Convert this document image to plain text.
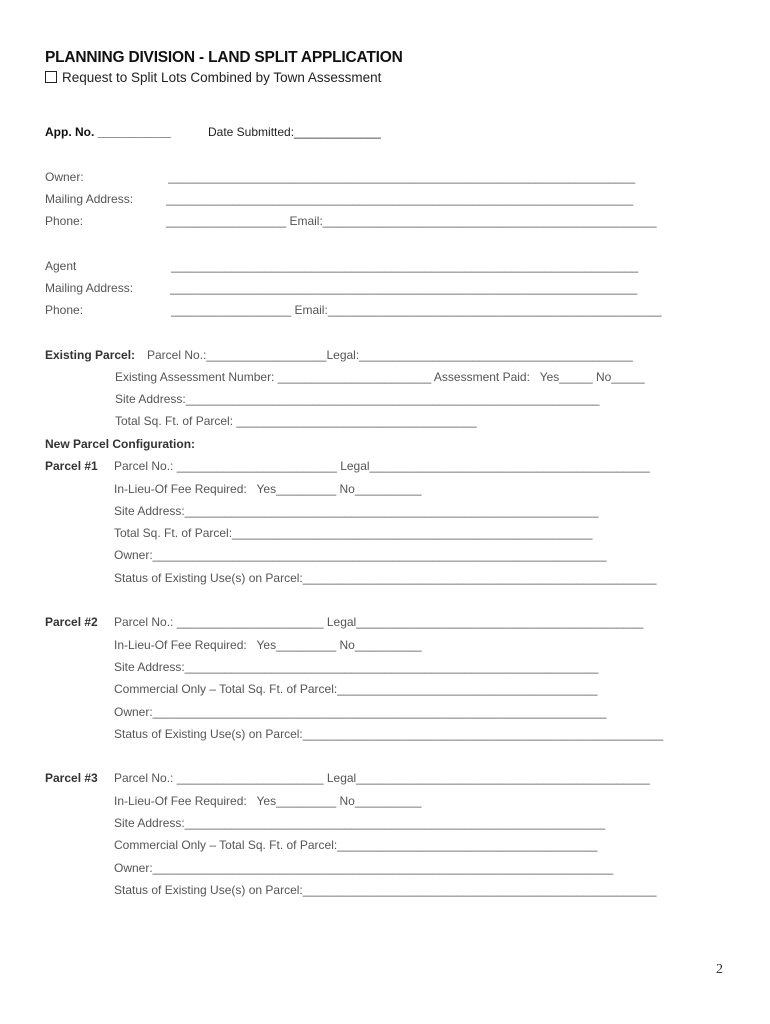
PLANNING DIVISION - LAND SPLIT APPLICATION
Request to Split Lots Combined by Town Assessment
App. No. ___________	Date Submitted:_____________
Owner:	______________________________________________________________________
Mailing Address:	______________________________________________________________________
Phone:	__________________ Email:__________________________________________________
Agent	______________________________________________________________________
Mailing Address:	______________________________________________________________________
Phone:	__________________ Email:__________________________________________________
Existing Parcel: Parcel No.:__________________Legal:_________________________________________
Existing Assessment Number: _______________________ Assessment Paid:   Yes_____ No_____
Site Address:______________________________________________________________
Total Sq. Ft. of Parcel: ____________________________________
New Parcel Configuration:
Parcel #1 Parcel No.: ________________________ Legal__________________________________________
In-Lieu-Of Fee Required:   Yes_________ No__________
Site Address:______________________________________________________________
Total Sq. Ft. of Parcel:______________________________________________________
Owner:____________________________________________________________________
Status of Existing Use(s) on Parcel:_____________________________________________________
Parcel #2 Parcel No.: ______________________ Legal___________________________________________
In-Lieu-Of Fee Required:   Yes_________ No__________
Site Address:______________________________________________________________
Commercial Only – Total Sq. Ft. of Parcel:_______________________________________
Owner:____________________________________________________________________
Status of Existing Use(s) on Parcel:______________________________________________________
Parcel #3 Parcel No.: ______________________ Legal____________________________________________
In-Lieu-Of Fee Required:   Yes_________ No__________
Site Address:_______________________________________________________________
Commercial Only – Total Sq. Ft. of Parcel:_______________________________________
Owner:_____________________________________________________________________
Status of Existing Use(s) on Parcel:_____________________________________________________
2
